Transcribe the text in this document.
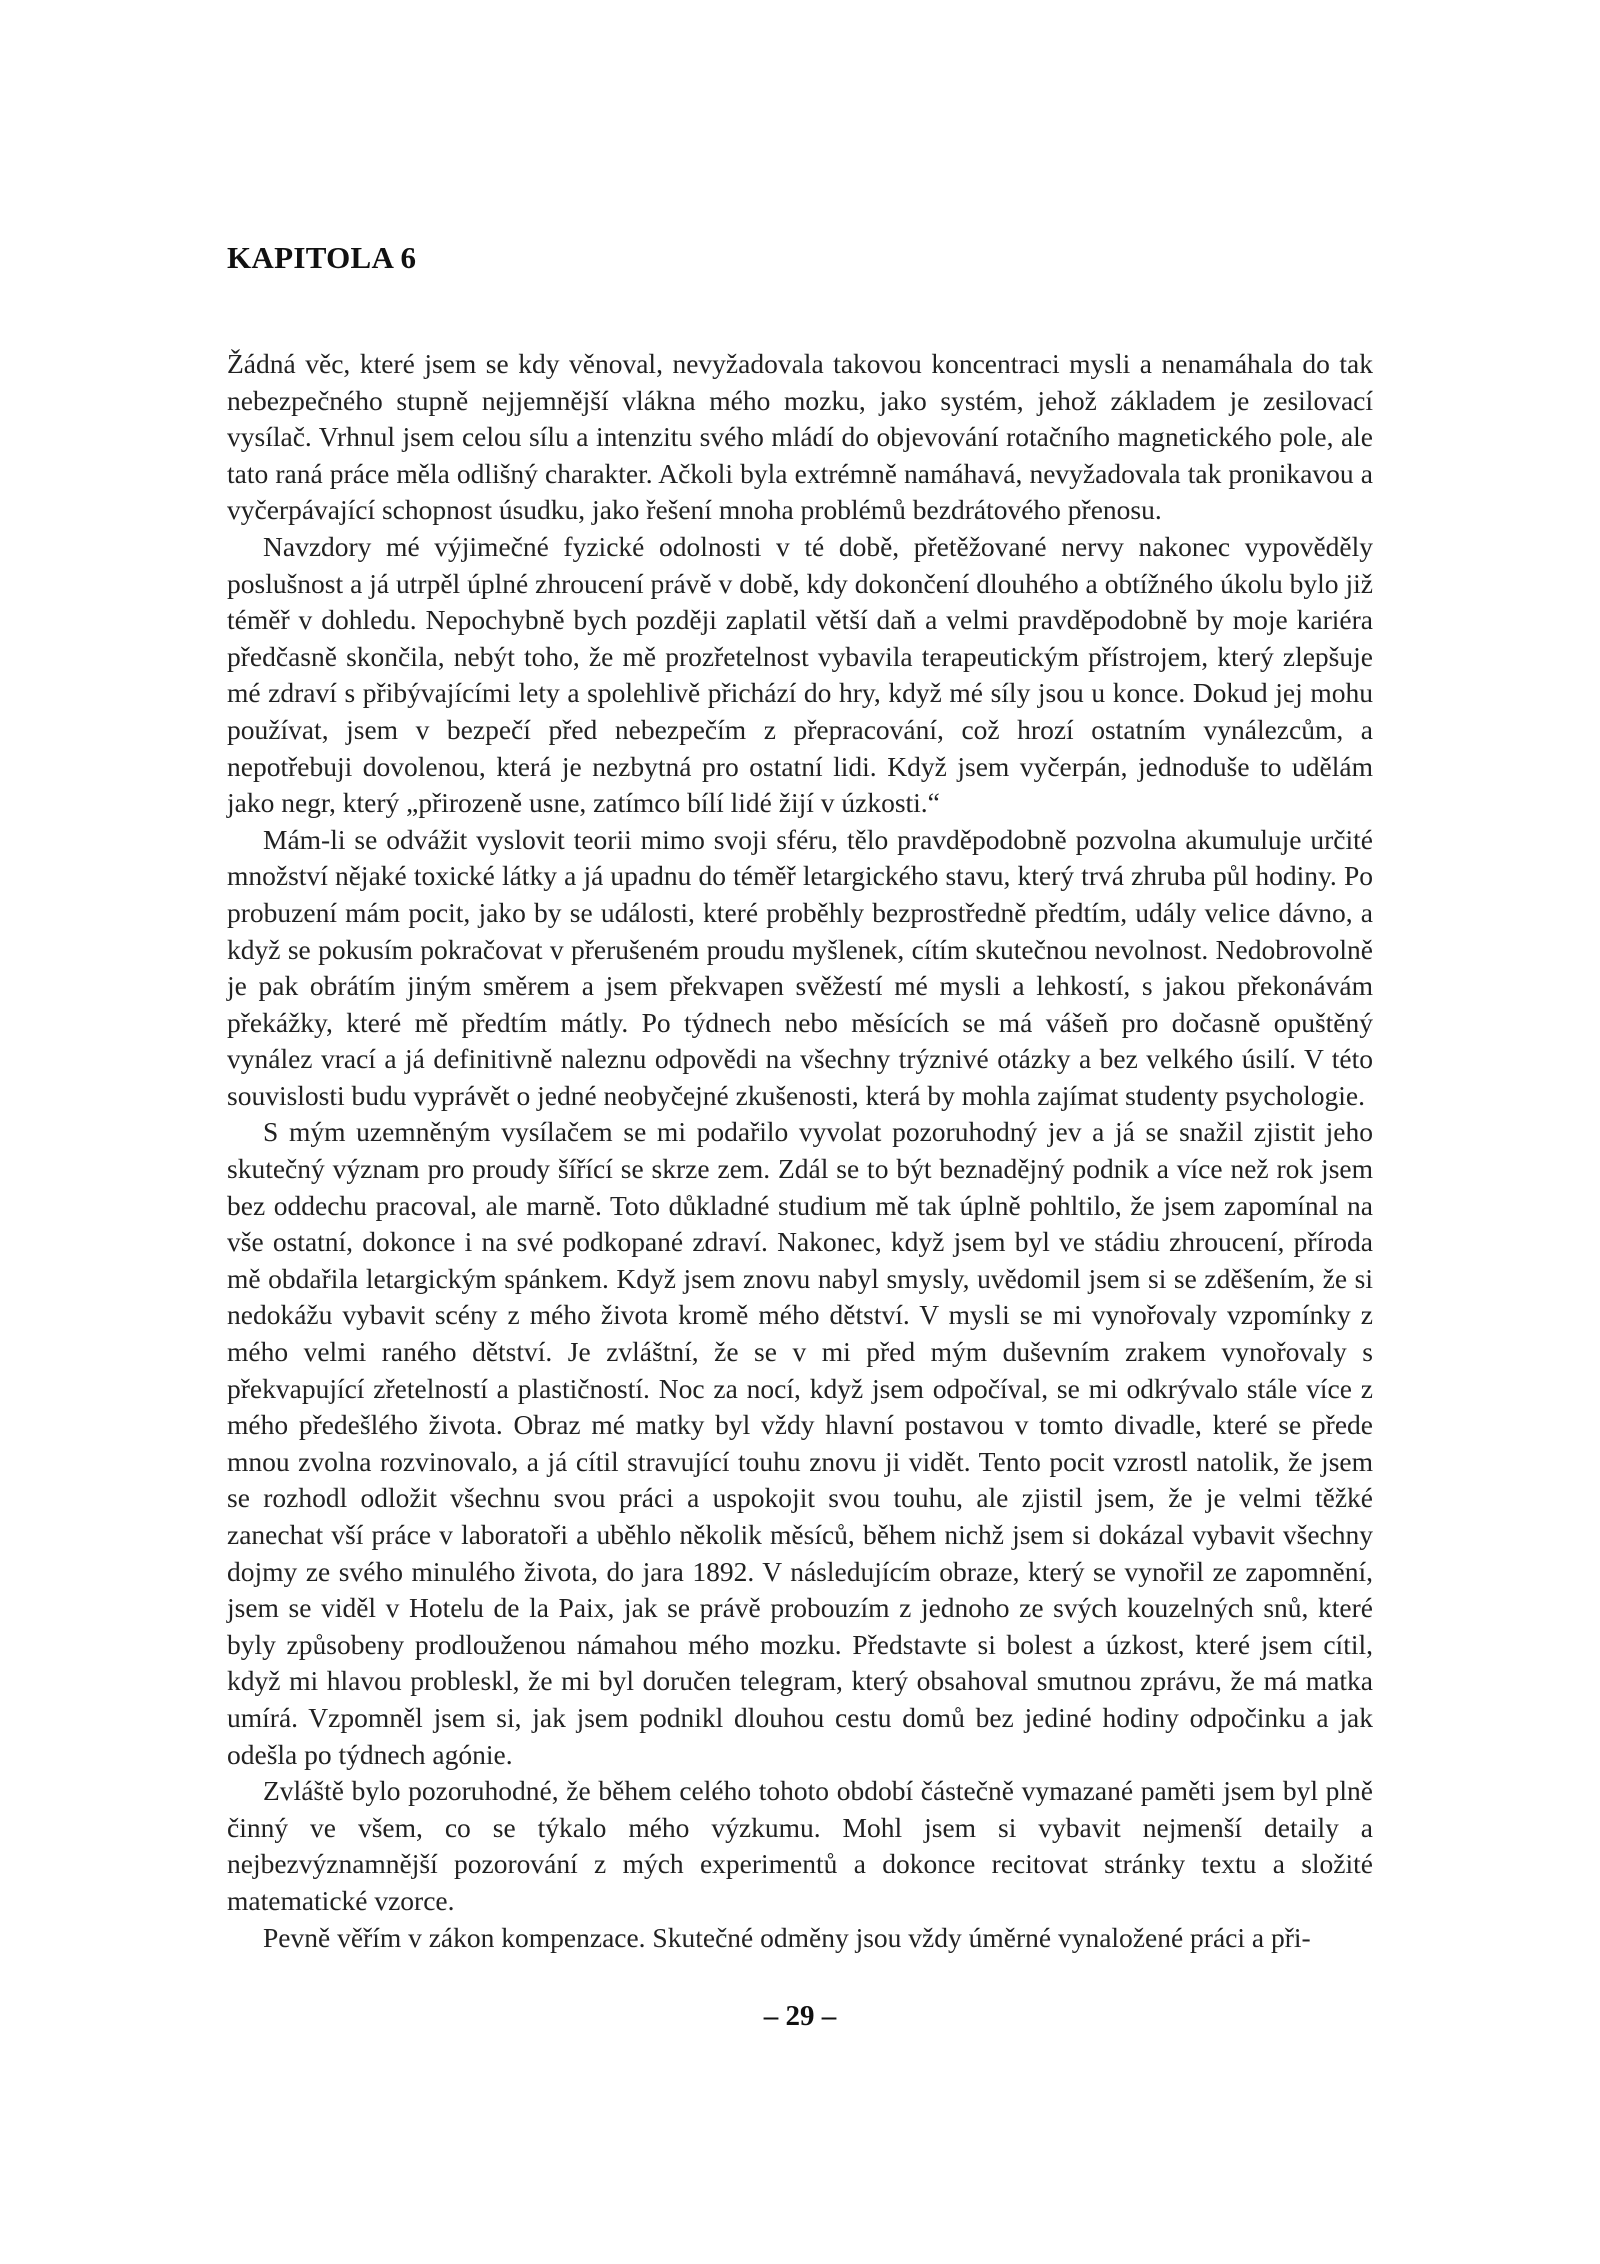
KAPITOLA 6

Žádná věc, které jsem se kdy věnoval, nevyžadovala takovou koncentraci mysli a nenamáhala do tak nebezpečného stupně nejjemnější vlákna mého mozku, jako systém, jehož základem je zesilovací vysílač. Vrhnul jsem celou sílu a intenzitu svého mládí do objevování rotačního magnetického pole, ale tato raná práce měla odlišný charakter. Ačkoli byla extrémně namáhavá, nevyžadovala tak pronikavou a vyčerpávající schopnost úsudku, jako řešení mnoha problémů bezdrátového přenosu.

Navzdory mé výjimečné fyzické odolnosti v té době, přetěžované nervy nakonec vypověděly poslušnost a já utrpěl úplné zhroucení právě v době, kdy dokončení dlouhého a obtížného úkolu bylo již téměř v dohledu. Nepochybně bych později zaplatil větší daň a velmi pravděpodobně by moje kariéra předčasně skončila, nebýt toho, že mě prozřetelnost vybavila terapeutickým přístrojem, který zlepšuje mé zdraví s přibývajícími lety a spolehlivě přichází do hry, když mé síly jsou u konce. Dokud jej mohu používat, jsem v bezpečí před nebezpečím z přepracování, což hrozí ostatním vynálezcům, a nepotřebuji dovolenou, která je nezbytná pro ostatní lidi. Když jsem vyčerpán, jednoduše to udělám jako negr, který „přirozeně usne, zatímco bílí lidé žijí v úzkosti.“

Mám-li se odvážit vyslovit teorii mimo svoji sféru, tělo pravděpodobně pozvolna akumuluje určité množství nějaké toxické látky a já upadnu do téměř letargického stavu, který trvá zhruba půl hodiny. Po probuzení mám pocit, jako by se události, které proběhly bezprostředně předtím, udály velice dávno, a když se pokusím pokračovat v přerušeném proudu myšlenek, cítím skutečnou nevolnost. Nedobrovolně je pak obrátím jiným směrem a jsem překvapen svěžestí mé mysli a lehkostí, s jakou překonávám překážky, které mě předtím mátly. Po týdnech nebo měsících se má vášeň pro dočasně opuštěný vynález vrací a já definitivně naleznu odpovědi na všechny trýznivé otázky a bez velkého úsilí. V této souvislosti budu vyprávět o jedné neobyčejné zkušenosti, která by mohla zajímat studenty psychologie.

S mým uzemněným vysílačem se mi podařilo vyvolat pozoruhodný jev a já se snažil zjistit jeho skutečný význam pro proudy šířící se skrze zem. Zdál se to být beznadějný podnik a více než rok jsem bez oddechu pracoval, ale marně. Toto důkladné studium mě tak úplně pohltilo, že jsem zapomínal na vše ostatní, dokonce i na své podkopané zdraví. Nakonec, když jsem byl ve stádiu zhroucení, příroda mě obdařila letargickým spánkem. Když jsem znovu nabyl smysly, uvědomil jsem si se zděšením, že si nedokážu vybavit scény z mého života kromě mého dětství. V mysli se mi vynořovaly vzpomínky z mého velmi raného dětství. Je zvláštní, že se v mi před mým duševním zrakem vynořovaly s překvapující zřetelností a plastičností. Noc za nocí, když jsem odpočíval, se mi odkrývalo stále více z mého předešlého života. Obraz mé matky byl vždy hlavní postavou v tomto divadle, které se přede mnou zvolna rozvinovalo, a já cítil stravující touhu znovu ji vidět. Tento pocit vzrostl natolik, že jsem se rozhodl odložit všechnu svou práci a uspokojit svou touhu, ale zjistil jsem, že je velmi těžké zanechat vší práce v laboratoři a uběhlo několik měsíců, během nichž jsem si dokázal vybavit všechny dojmy ze svého minulého života, do jara 1892. V následujícím obraze, který se vynořil ze zapomnění, jsem se viděl v Hotelu de la Paix, jak se právě probouzím z jednoho ze svých kouzelných snů, které byly způsobeny prodlouženou námahou mého mozku. Představte si bolest a úzkost, které jsem cítil, když mi hlavou probleskl, že mi byl doručen telegram, který obsahoval smutnou zprávu, že má matka umírá. Vzpomněl jsem si, jak jsem podnikl dlouhou cestu domů bez jediné hodiny odpočinku a jak odešla po týdnech agónie.

Zvláště bylo pozoruhodné, že během celého tohoto období částečně vymazané paměti jsem byl plně činný ve všem, co se týkalo mého výzkumu. Mohl jsem si vybavit nejmenší detaily a nejbezvýznamnější pozorování z mých experimentů a dokonce recitovat stránky textu a složité matematické vzorce.

Pevně věřím v zákon kompenzace. Skutečné odměny jsou vždy úměrné vynaložené práci a při-

– 29 –
